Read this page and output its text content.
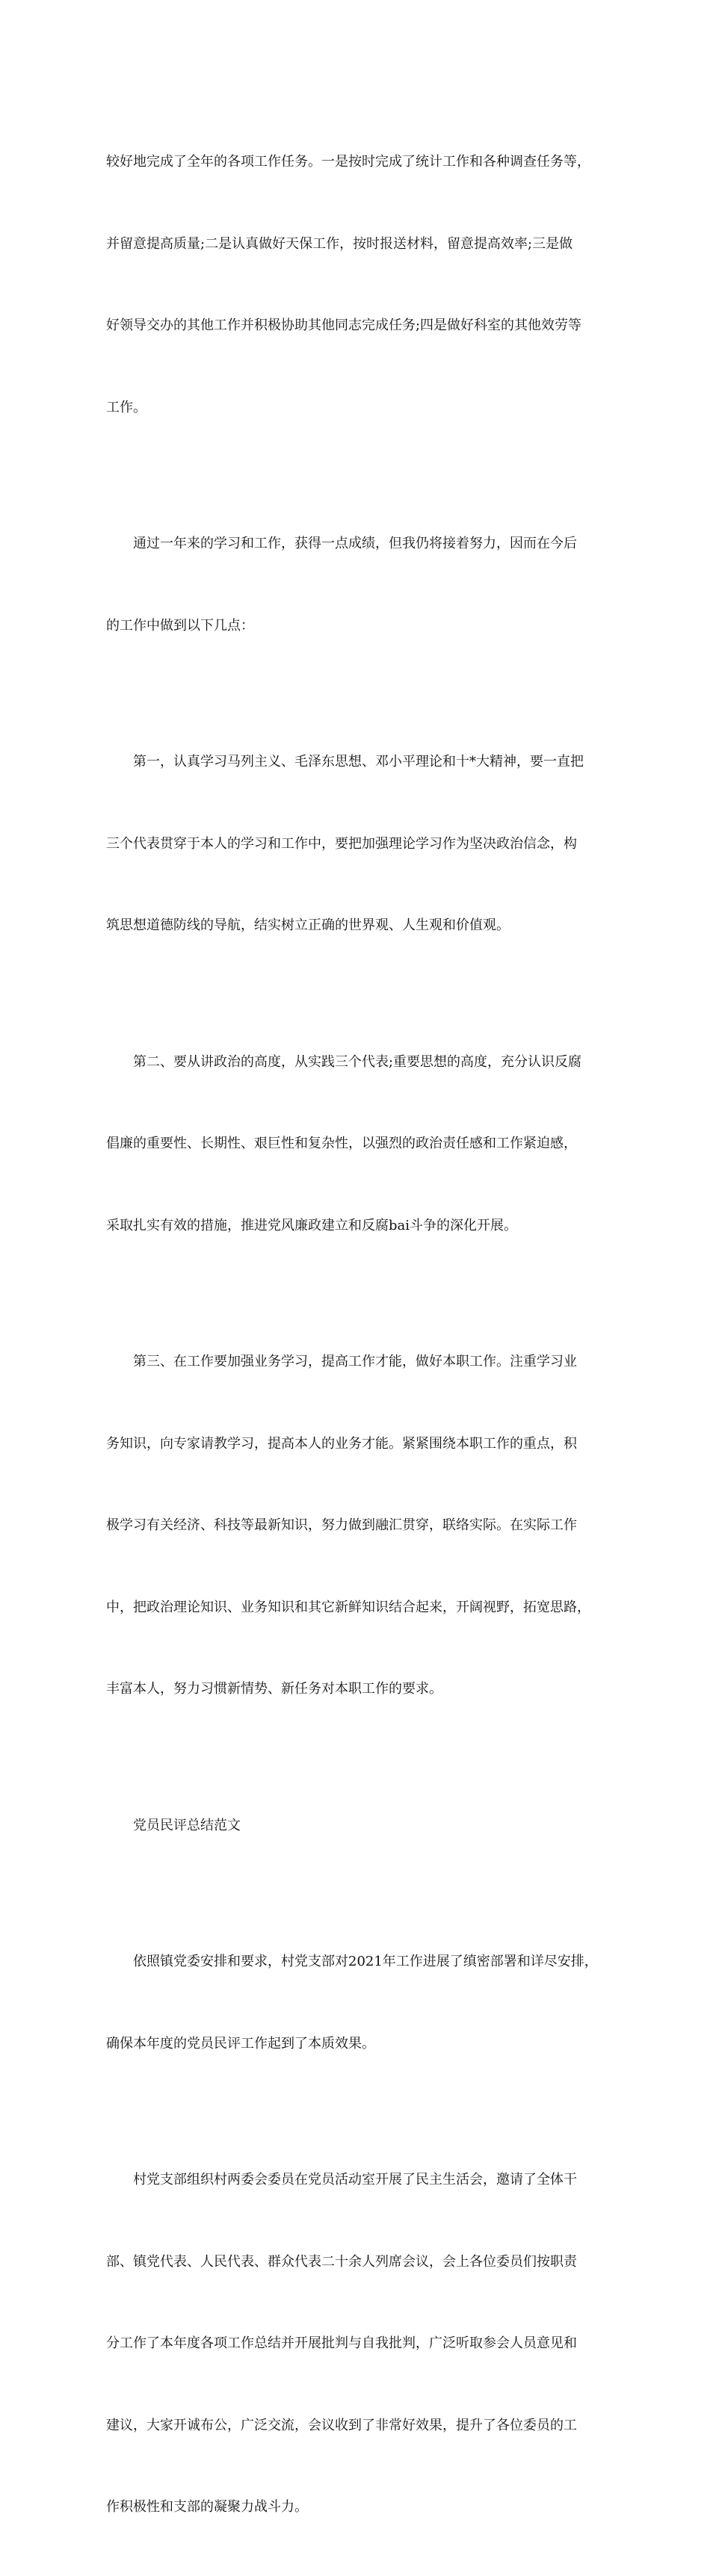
较好地完成了全年的各项工作任务。一是按时完成了统计工作和各种调查任务等，

并留意提高质量;二是认真做好天保工作，按时报送材料，留意提高效率;三是做

好领导交办的其他工作并积极协助其他同志完成任务;四是做好科室的其他效劳等

工作。

通过一年来的学习和工作，获得一点成绩，但我仍将接着努力，因而在今后

的工作中做到以下几点：

第一，认真学习马列主义、毛泽东思想、邓小平理论和十*大精神，要一直把

三个代表贯穿于本人的学习和工作中，要把加强理论学习作为坚决政治信念，构

筑思想道德防线的导航，结实树立正确的世界观、人生观和价值观。

第二、要从讲政治的高度，从实践三个代表;重要思想的高度，充分认识反腐

倡廉的重要性、长期性、艰巨性和复杂性，以强烈的政治责任感和工作紧迫感，

采取扎实有效的措施，推进党风廉政建立和反腐bai斗争的深化开展。

第三、在工作要加强业务学习，提高工作才能，做好本职工作。注重学习业

务知识，向专家请教学习，提高本人的业务才能。紧紧围绕本职工作的重点，积

极学习有关经济、科技等最新知识，努力做到融汇贯穿，联络实际。在实际工作

中，把政治理论知识、业务知识和其它新鲜知识结合起来，开阔视野，拓宽思路，

丰富本人，努力习惯新情势、新任务对本职工作的要求。

党员民评总结范文

依照镇党委安排和要求，村党支部对2021年工作进展了缜密部署和详尽安排，

确保本年度的党员民评工作起到了本质效果。

村党支部组织村两委会委员在党员活动室开展了民主生活会，邀请了全体干

部、镇党代表、人民代表、群众代表二十余人列席会议，会上各位委员们按职责

分工作了本年度各项工作总结并开展批判与自我批判，广泛听取参会人员意见和

建议，大家开诚布公，广泛交流，会议收到了非常好效果，提升了各位委员的工

作积极性和支部的凝聚力战斗力。
